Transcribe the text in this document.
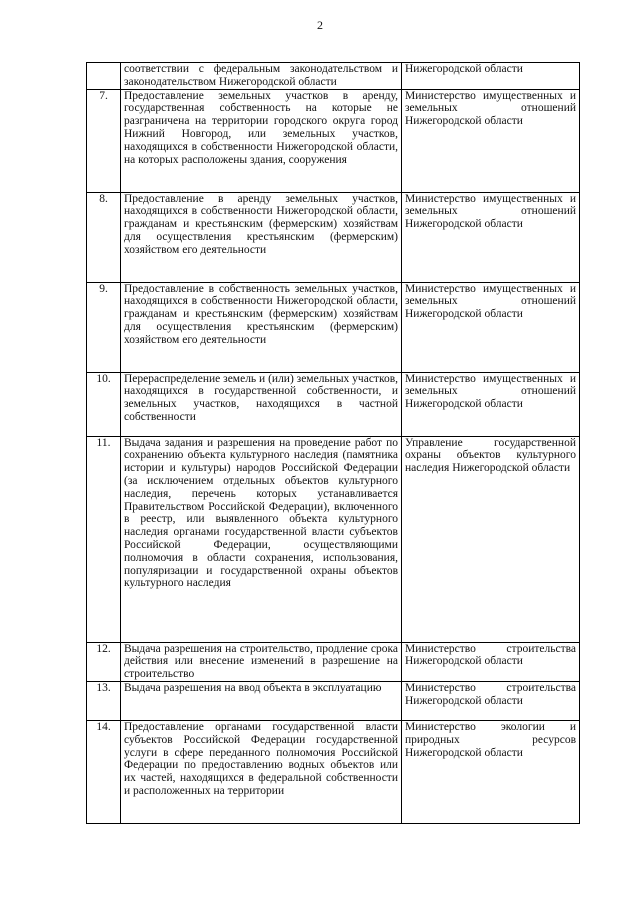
2
	соответствии с федеральным законодательством и законодательством Нижегородской области	Нижегородской области
7.	Предоставление земельных участков в аренду, государственная собственность на которые не разграничена на территории городского округа город Нижний Новгород, или земельных участков, находящихся в собственности Нижегородской области, на которых расположены здания, сооружения	Министерство имущественных и земельных отношений Нижегородской области
8.	Предоставление в аренду земельных участков, находящихся в собственности Нижегородской области, гражданам и крестьянским (фермерским) хозяйствам для осуществления крестьянским (фермерским) хозяйством его деятельности	Министерство имущественных и земельных отношений Нижегородской области
9.	Предоставление в собственность земельных участков, находящихся в собственности Нижегородской области, гражданам и крестьянским (фермерским) хозяйствам для осуществления крестьянским (фермерским) хозяйством его деятельности	Министерство имущественных и земельных отношений Нижегородской области
10.	Перераспределение земель и (или) земельных участков, находящихся в государственной собственности, и земельных участков, находящихся в частной собственности	Министерство имущественных и земельных отношений Нижегородской области
11.	Выдача задания и разрешения на проведение работ по сохранению объекта культурного наследия (памятника истории и культуры) народов Российской Федерации (за исключением отдельных объектов культурного наследия, перечень которых устанавливается Правительством Российской Федерации), включенного в реестр, или выявленного объекта культурного наследия органами государственной власти субъектов Российской Федерации, осуществляющими полномочия в области сохранения, использования, популяризации и государственной охраны объектов культурного наследия	Управление государственной охраны объектов культурного наследия Нижегородской области
12.	Выдача разрешения на строительство, продление срока действия или внесение изменений в разрешение на строительство	Министерство строительства Нижегородской области
13.	Выдача разрешения на ввод объекта в эксплуатацию	Министерство строительства Нижегородской области
14.	Предоставление органами государственной власти субъектов Российской Федерации государственной услуги в сфере переданного полномочия Российской Федерации по предоставлению водных объектов или их частей, находящихся в федеральной собственности и расположенных на территории	Министерство экологии и природных ресурсов Нижегородской области
